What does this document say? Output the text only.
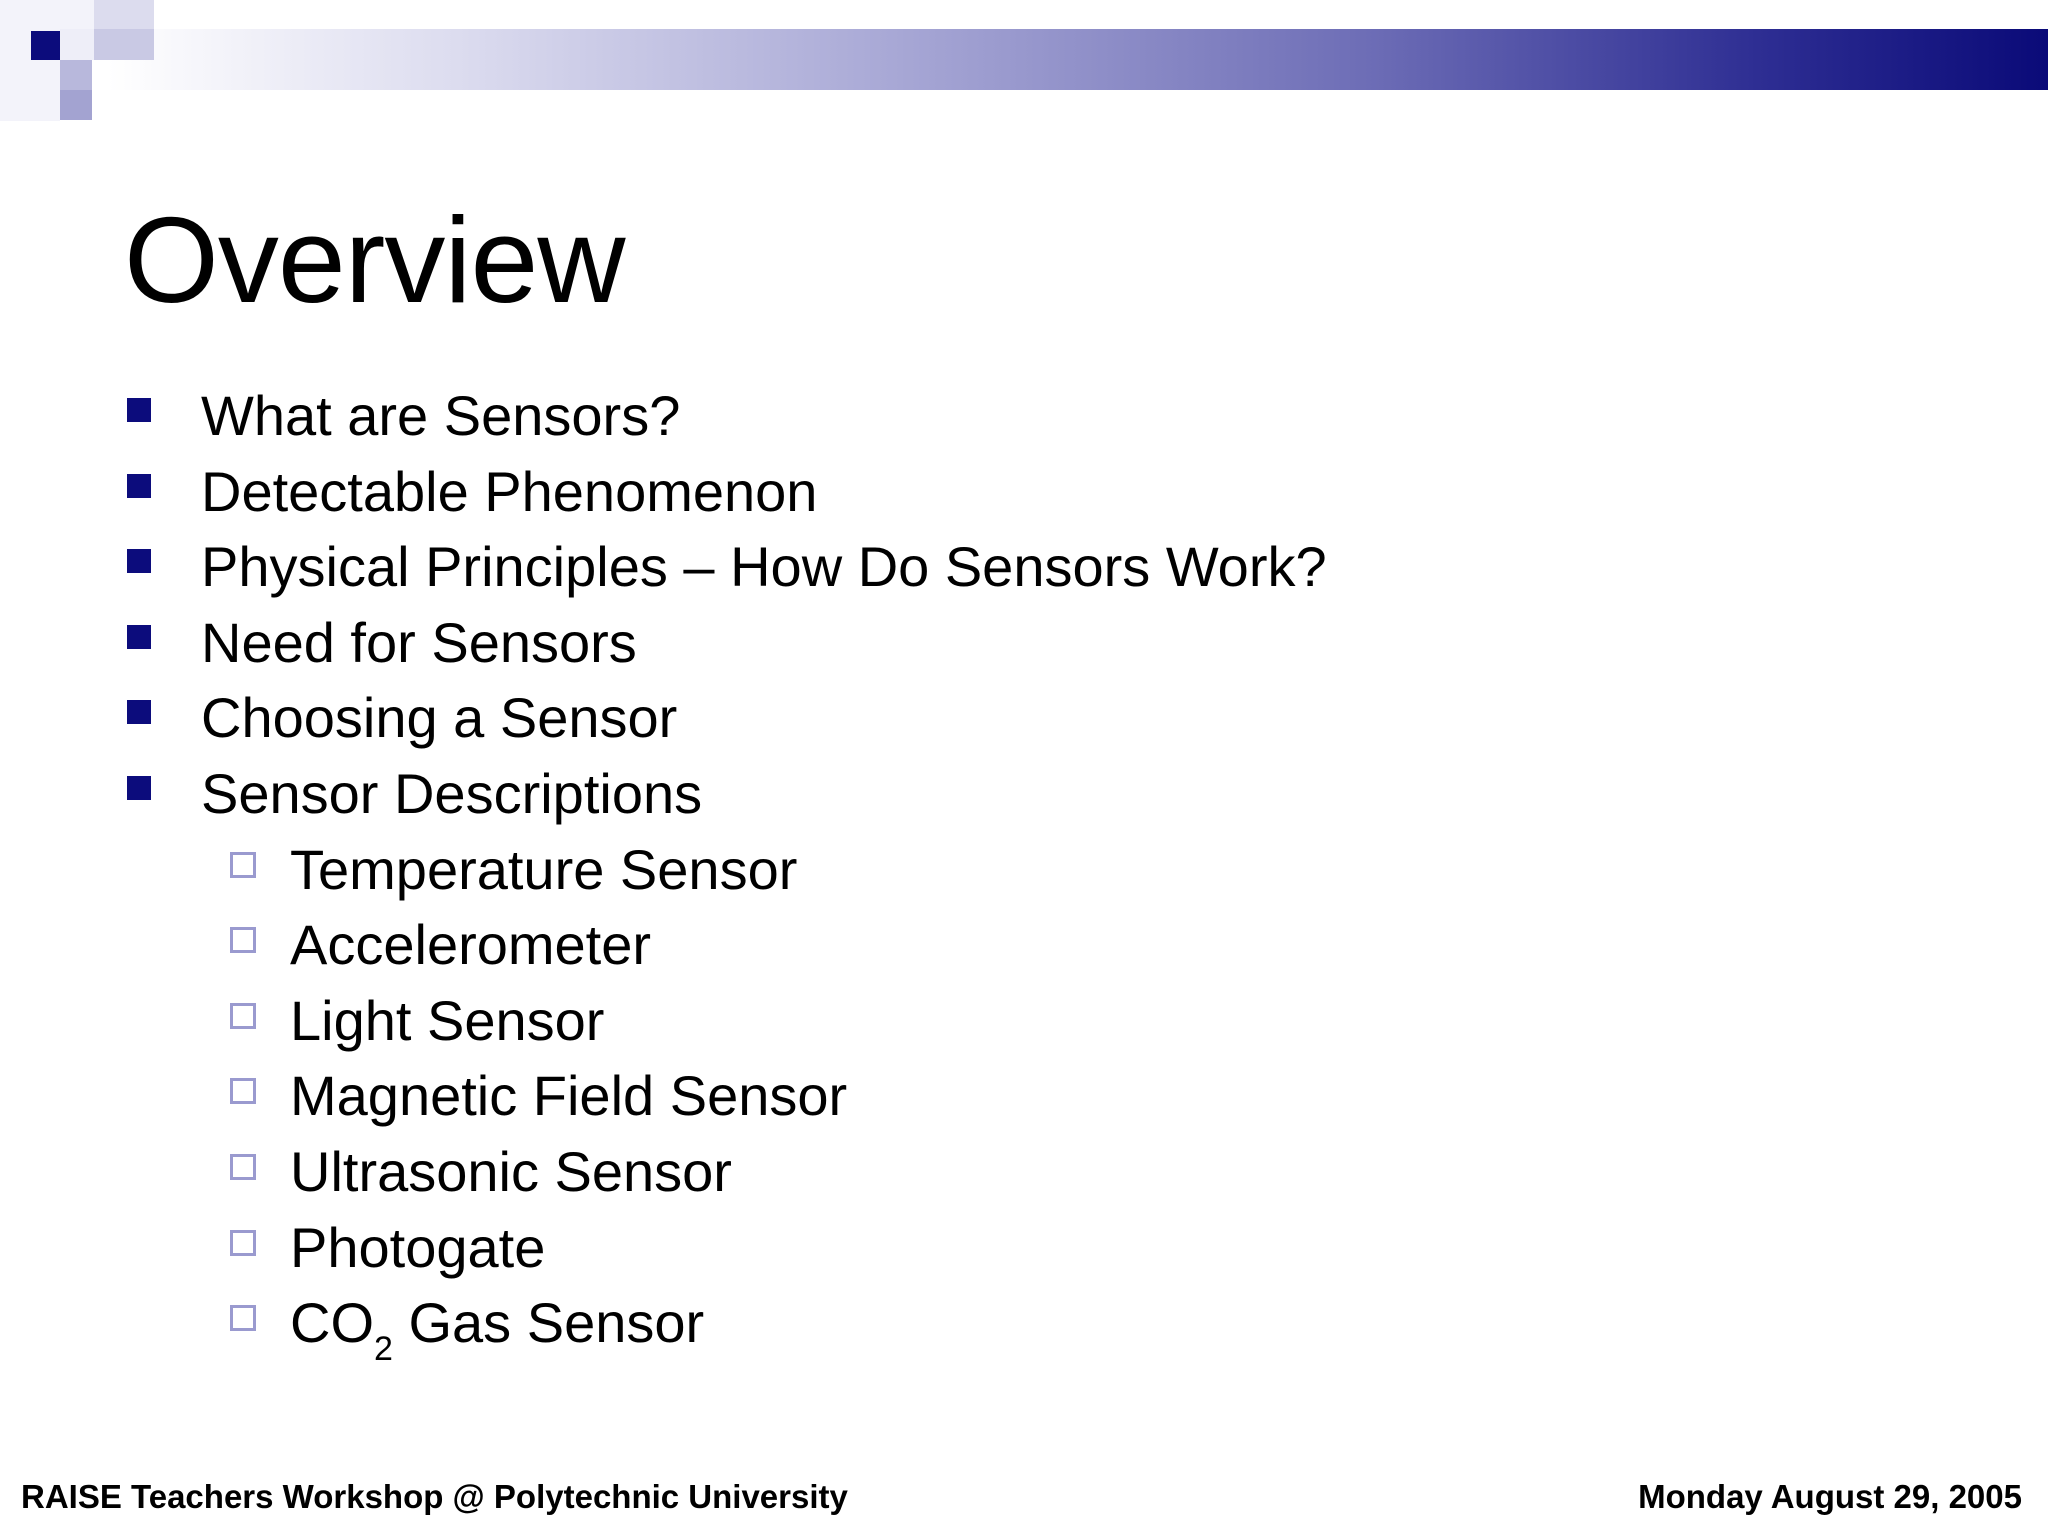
Overview
What are Sensors?
Detectable Phenomenon
Physical Principles – How Do Sensors Work?
Need for Sensors
Choosing a Sensor
Sensor Descriptions
Temperature Sensor
Accelerometer
Light Sensor
Magnetic Field Sensor
Ultrasonic Sensor
Photogate
$CO_2$ Gas Sensor
RAISE Teachers Workshop @ Polytechnic University	Monday August 29, 2005
